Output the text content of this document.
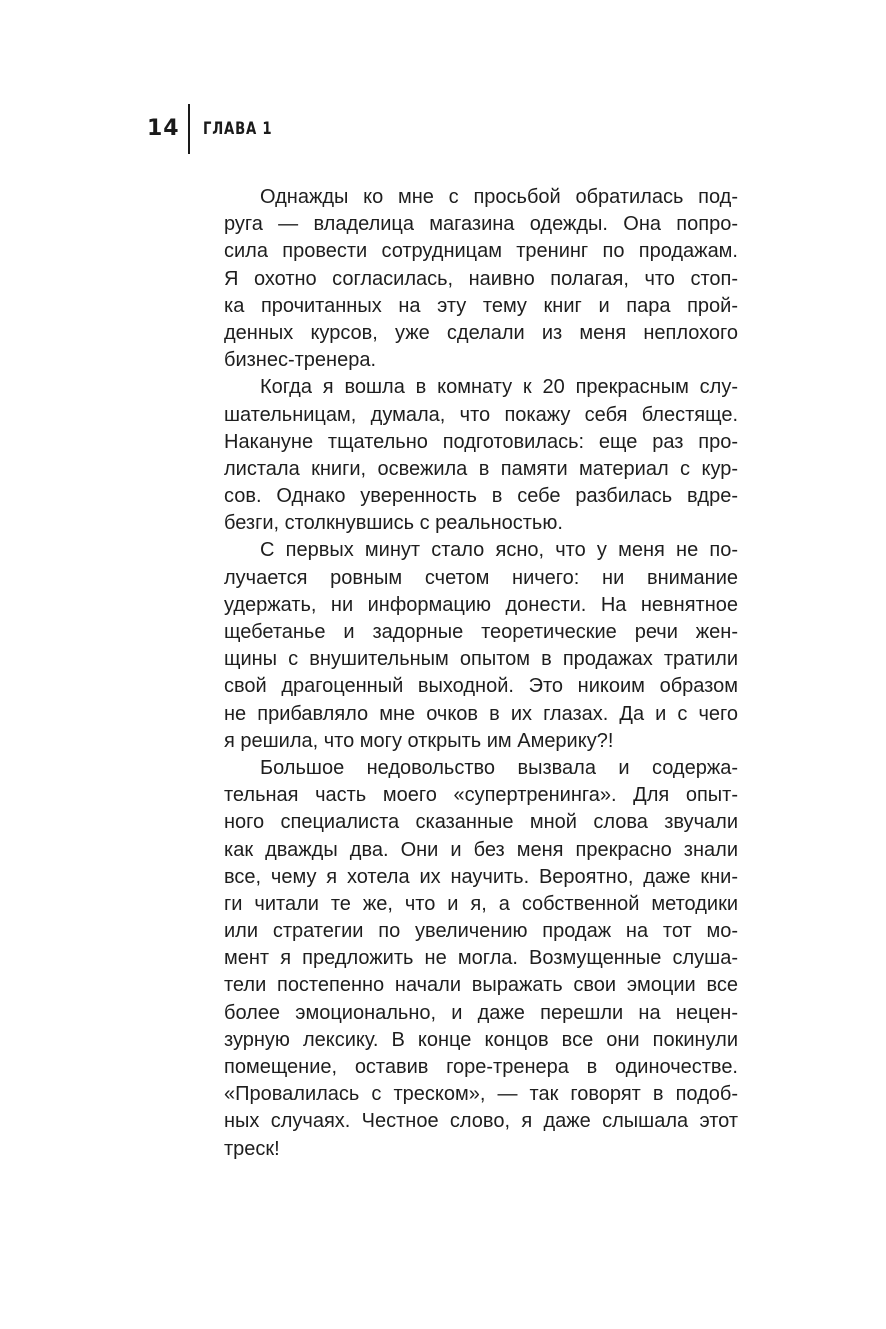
14 ГЛАВА 1
Однажды ко мне с просьбой обратилась под-
руга — владелица магазина одежды. Она попро-
сила провести сотрудницам тренинг по продажам.
Я охотно согласилась, наивно полагая, что стоп-
ка прочитанных на эту тему книг и пара прой-
денных курсов, уже сделали из меня неплохого
бизнес-тренера.
Когда я вошла в комнату к 20 прекрасным слу-
шательницам, думала, что покажу себя блестяще.
Накануне тщательно подготовилась: еще раз про-
листала книги, освежила в памяти материал с кур-
сов. Однако уверенность в себе разбилась вдре-
безги, столкнувшись с реальностью.
С первых минут стало ясно, что у меня не по-
лучается ровным счетом ничего: ни внимание
удержать, ни информацию донести. На невнятное
щебетанье и задорные теоретические речи жен-
щины с внушительным опытом в продажах тратили
свой драгоценный выходной. Это никоим образом
не прибавляло мне очков в их глазах. Да и с чего
я решила, что могу открыть им Америку?!
Большое недовольство вызвала и содержа-
тельная часть моего «супертренинга». Для опыт-
ного специалиста сказанные мной слова звучали
как дважды два. Они и без меня прекрасно знали
все, чему я хотела их научить. Вероятно, даже кни-
ги читали те же, что и я, а собственной методики
или стратегии по увеличению продаж на тот мо-
мент я предложить не могла. Возмущенные слуша-
тели постепенно начали выражать свои эмоции все
более эмоционально, и даже перешли на нецен-
зурную лексику. В конце концов все они покинули
помещение, оставив горе-тренера в одиночестве.
«Провалилась с треском», — так говорят в подоб-
ных случаях. Честное слово, я даже слышала этот
треск!
